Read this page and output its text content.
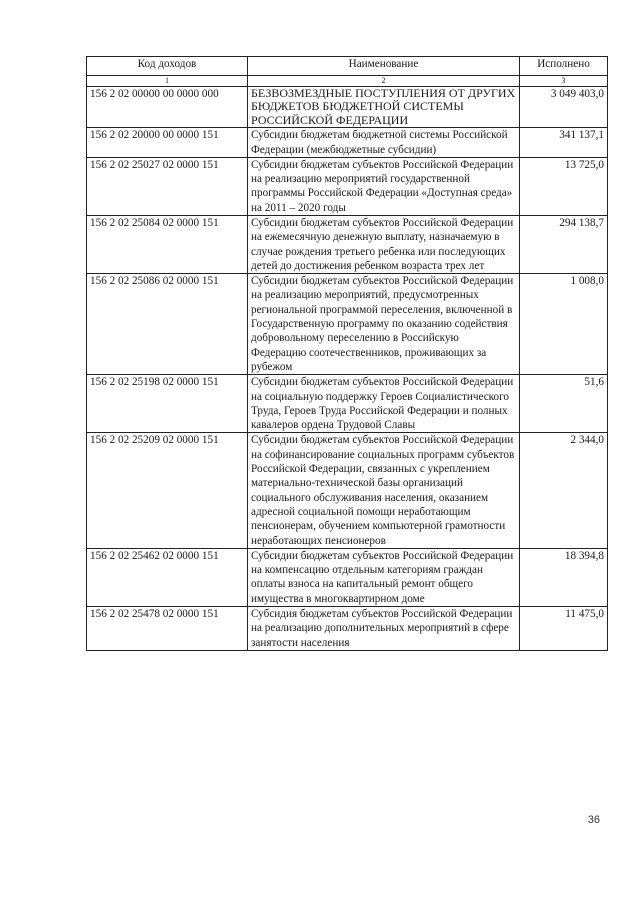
Код доходов	Наименование	Исполнено
1	2	3
156 2 02 00000 00 0000 000	БЕЗВОЗМЕЗДНЫЕ ПОСТУПЛЕНИЯ ОТ ДРУГИХ БЮДЖЕТОВ БЮДЖЕТНОЙ СИСТЕМЫ РОССИЙСКОЙ ФЕДЕРАЦИИ	3 049 403,0
156 2 02 20000 00 0000 151	Субсидии бюджетам бюджетной системы Российской Федерации (межбюджетные субсидии)	341 137,1
156 2 02 25027 02 0000 151	Субсидии бюджетам субъектов Российской Федерации на реализацию мероприятий государственной программы Российской Федерации «Доступная среда» на 2011 – 2020 годы	13 725,0
156 2 02 25084 02 0000 151	Субсидии бюджетам субъектов Российской Федерации на ежемесячную денежную выплату, назначаемую в случае рождения третьего ребенка или последующих детей до достижения ребенком возраста трех лет	294 138,7
156 2 02 25086 02 0000 151	Субсидии бюджетам субъектов Российской Федерации на реализацию мероприятий, предусмотренных региональной программой переселения, включенной в Государственную программу по оказанию содействия добровольному переселению в Российскую Федерацию соотечественников, проживающих за рубежом	1 008,0
156 2 02 25198 02 0000 151	Субсидии бюджетам субъектов Российской Федерации на социальную поддержку Героев Социалистического Труда, Героев Труда Российской Федерации и полных кавалеров ордена Трудовой Славы	51,6
156 2 02 25209 02 0000 151	Субсидии бюджетам субъектов Российской Федерации на софинансирование социальных программ субъектов Российской Федерации, связанных с укреплением материально-технической базы организаций социального обслуживания населения, оказанием адресной социальной помощи неработающим пенсионерам, обучением компьютерной грамотности неработающих пенсионеров	2 344,0
156 2 02 25462 02 0000 151	Субсидии бюджетам субъектов Российской Федерации на компенсацию отдельным категориям граждан оплаты взноса на капитальный ремонт общего имущества в многоквартирном доме	18 394,8
156 2 02 25478 02 0000 151	Субсидия бюджетам субъектов Российской Федерации на реализацию дополнительных мероприятий в сфере занятости населения	11 475,0
36
